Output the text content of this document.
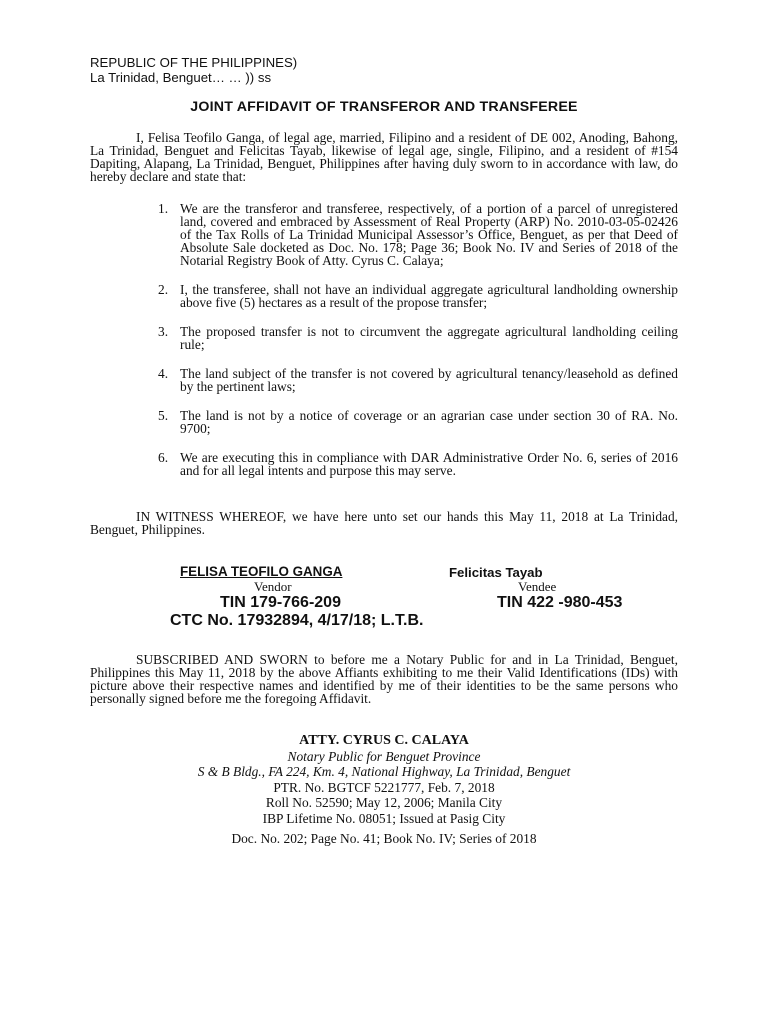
REPUBLIC OF THE PHILIPPINES)
La Trinidad, Benguet… … )) ss
JOINT AFFIDAVIT OF TRANSFEROR AND TRANSFEREE
I, Felisa Teofilo Ganga, of legal age, married, Filipino and a resident of DE 002, Anoding, Bahong, La Trinidad, Benguet and Felicitas Tayab, likewise of legal age, single, Filipino, and a resident of #154 Dapiting, Alapang, La Trinidad, Benguet, Philippines after having duly sworn to in accordance with law, do hereby declare and state that:
1. We are the transferor and transferee, respectively, of a portion of a parcel of unregistered land, covered and embraced by Assessment of Real Property (ARP) No. 2010-03-05-02426 of the Tax Rolls of La Trinidad Municipal Assessor’s Office, Benguet, as per that Deed of Absolute Sale docketed as Doc. No. 178; Page 36; Book No. IV and Series of 2018 of the Notarial Registry Book of Atty. Cyrus C. Calaya;
2. I, the transferee, shall not have an individual aggregate agricultural landholding ownership above five (5) hectares as a result of the propose transfer;
3. The proposed transfer is not to circumvent the aggregate agricultural landholding ceiling rule;
4. The land subject of the transfer is not covered by agricultural tenancy/leasehold as defined by the pertinent laws;
5. The land is not by a notice of coverage or an agrarian case under section 30 of RA. No. 9700;
6. We are executing this in compliance with DAR Administrative Order No. 6, series of 2016 and for all legal intents and purpose this may serve.
IN WITNESS WHEREOF, we have here unto set our hands this May 11, 2018 at La Trinidad, Benguet, Philippines.
FELISA TEOFILO GANGA
Vendor
TIN 179-766-209
CTC No. 17932894, 4/17/18; L.T.B.
Felicitas Tayab
Vendee
TIN 422 -980-453
SUBSCRIBED AND SWORN to before me a Notary Public for and in La Trinidad, Benguet, Philippines this May 11, 2018 by the above Affiants exhibiting to me their Valid Identifications (IDs) with picture above their respective names and identified by me of their identities to be the same persons who personally signed before me the foregoing Affidavit.
ATTY. CYRUS C. CALAYA
Notary Public for Benguet Province
S & B Bldg., FA 224, Km. 4, National Highway, La Trinidad, Benguet
PTR. No. BGTCF 5221777, Feb. 7, 2018
Roll No. 52590; May 12, 2006; Manila City
IBP Lifetime No. 08051; Issued at Pasig City
Doc. No. 202; Page No. 41; Book No. IV; Series of 2018
